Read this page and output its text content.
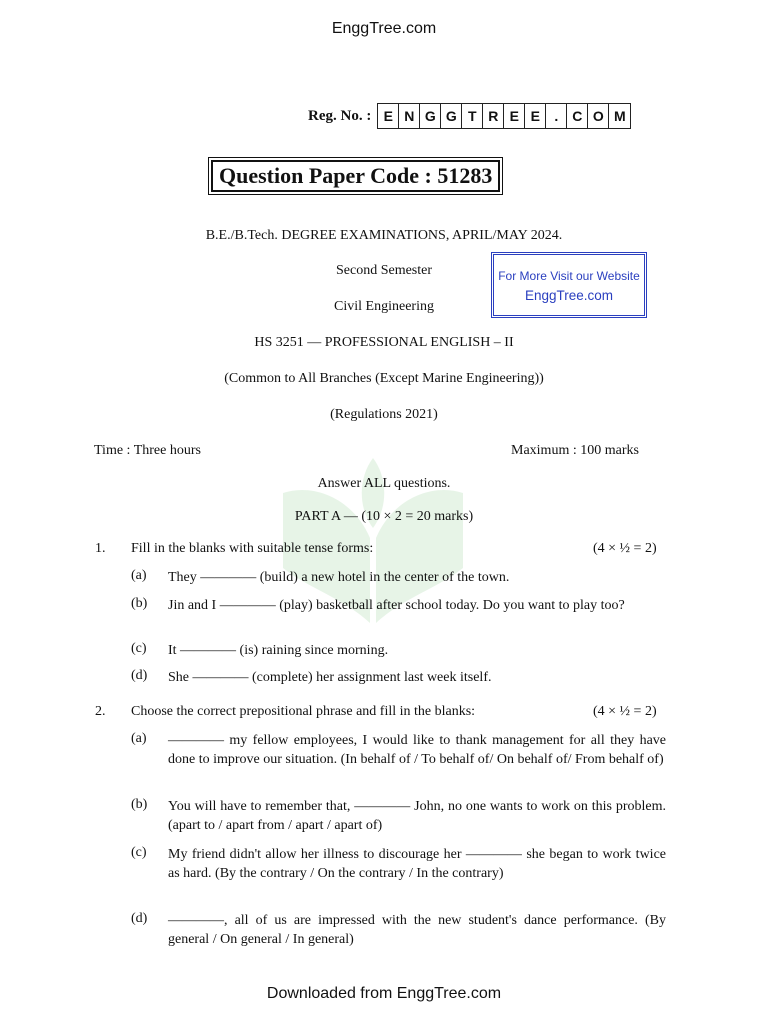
EnggTree.com
Reg. No. : E N G G T R E E	.	C O M
Question Paper Code : 51283
B.E./B.Tech. DEGREE EXAMINATIONS, APRIL/MAY 2024.
Second Semester
Civil Engineering
HS 3251 — PROFESSIONAL ENGLISH – II
(Common to All Branches (Except Marine Engineering))
(Regulations 2021)
For More Visit our Website
EnggTree.com
Time : Three hours	Maximum : 100 marks
Answer ALL questions.
PART A — (10 × 2 = 20 marks)
1. Fill in the blanks with suitable tense forms:	(4 × ½ = 2)
(a) They ———— (build) a new hotel in the center of the town.
(b) Jin and I ———— (play) basketball after school today. Do you want to play too?
(c) It ———— (is) raining since morning.
(d) She ———— (complete) her assignment last week itself.
2. Choose the correct prepositional phrase and fill in the blanks:	(4 × ½ = 2)
(a) ———— my fellow employees, I would like to thank management for all they have done to improve our situation. (In behalf of / To behalf of/ On behalf of/ From behalf of)
(b) You will have to remember that, ———— John, no one wants to work on this problem. (apart to / apart from / apart / apart of)
(c) My friend didn't allow her illness to discourage her ———— she began to work twice as hard. (By the contrary / On the contrary / In the contrary)
(d) ————, all of us are impressed with the new student's dance performance. (By general / On general / In general)
Downloaded from EnggTree.com
